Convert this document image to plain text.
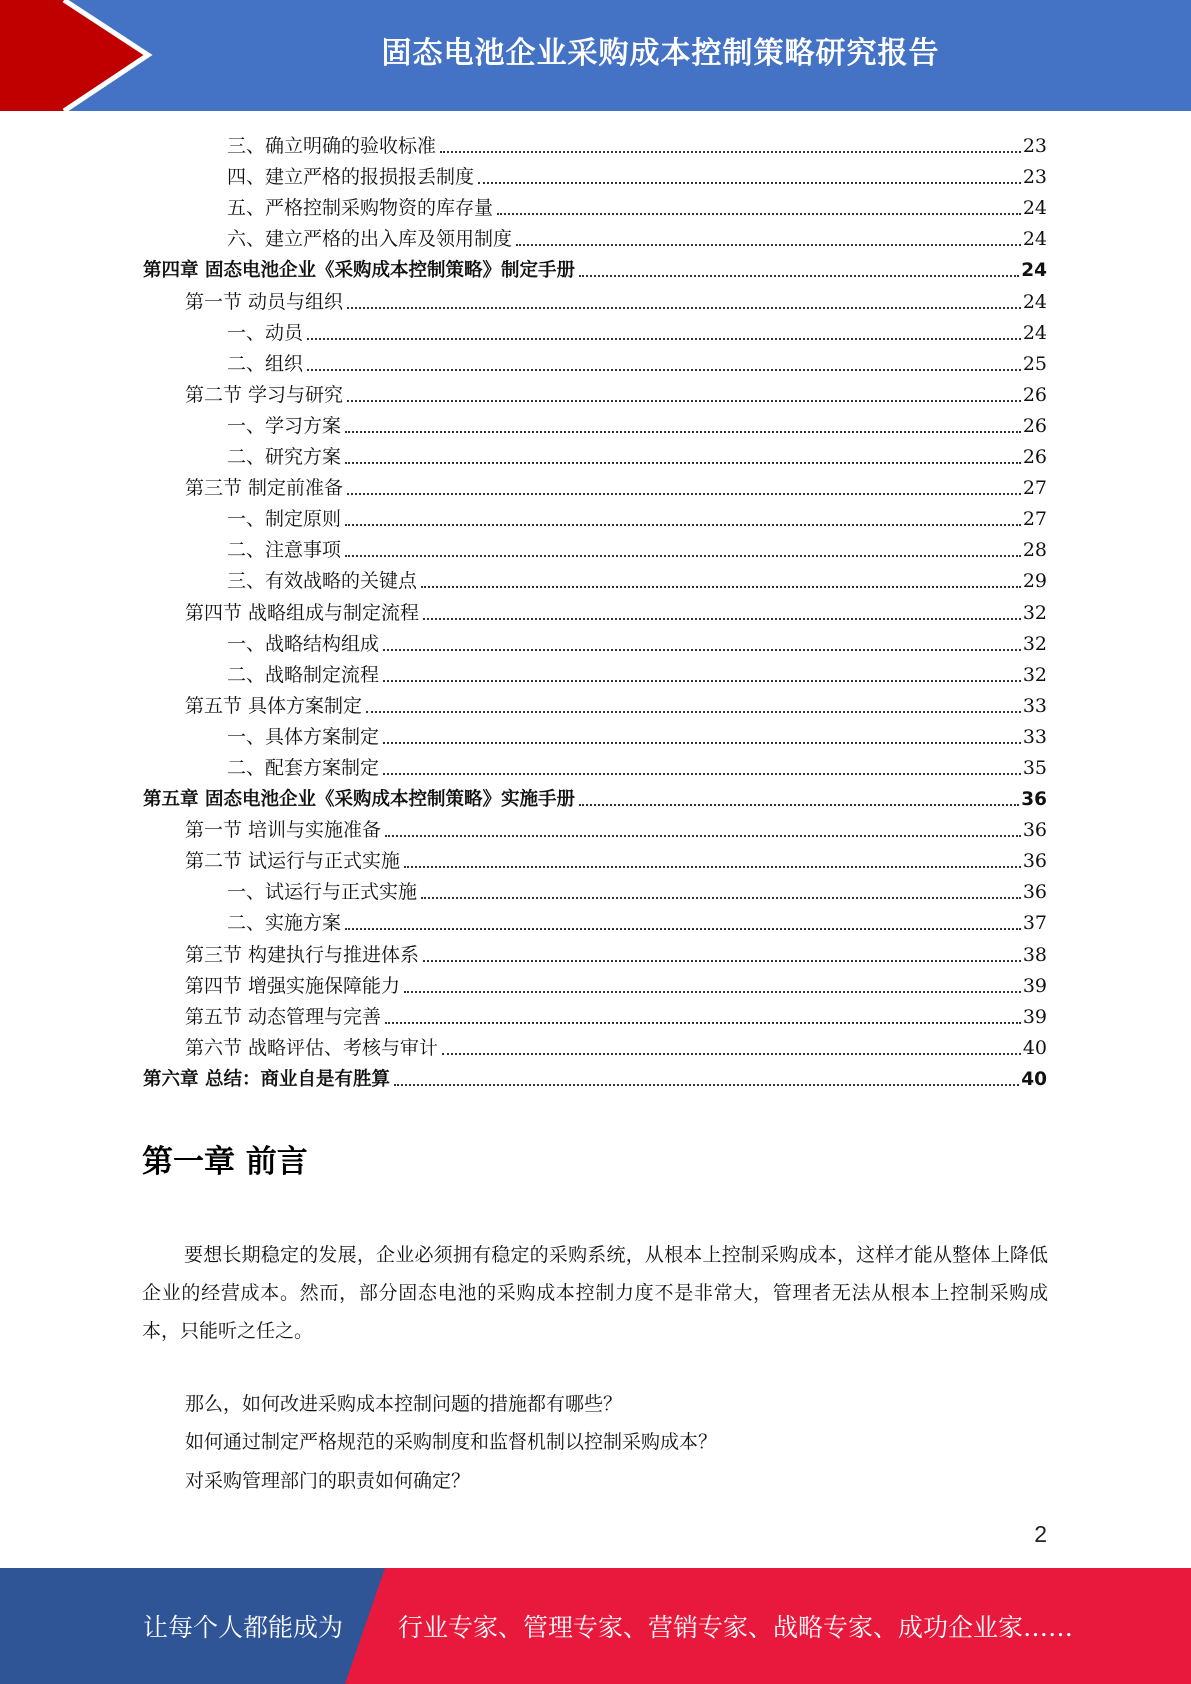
固态电池企业采购成本控制策略研究报告
三、确立明确的验收标准	23
四、建立严格的报损报丢制度	23
五、严格控制采购物资的库存量	24
六、建立严格的出入库及领用制度	24
第四章 固态电池企业《采购成本控制策略》制定手册	24
第一节 动员与组织	24
一、动员	24
二、组织	25
第二节 学习与研究	26
一、学习方案	26
二、研究方案	26
第三节 制定前准备	27
一、制定原则	27
二、注意事项	28
三、有效战略的关键点	29
第四节 战略组成与制定流程	32
一、战略结构组成	32
二、战略制定流程	32
第五节 具体方案制定	33
一、具体方案制定	33
二、配套方案制定	35
第五章 固态电池企业《采购成本控制策略》实施手册	36
第一节 培训与实施准备	36
第二节 试运行与正式实施	36
一、试运行与正式实施	36
二、实施方案	37
第三节 构建执行与推进体系	38
第四节 增强实施保障能力	39
第五节 动态管理与完善	39
第六节 战略评估、考核与审计	40
第六章 总结：商业自是有胜算	40
第一章 前言
要想长期稳定的发展，企业必须拥有稳定的采购系统，从根本上控制采购成本，这样才能从整体上降低企业的经营成本。然而，部分固态电池的采购成本控制力度不是非常大，管理者无法从根本上控制采购成本，只能听之任之。
那么，如何改进采购成本控制问题的措施都有哪些？
如何通过制定严格规范的采购制度和监督机制以控制采购成本？
对采购管理部门的职责如何确定？
2
让每个人都能成为 行业专家、管理专家、营销专家、战略专家、成功企业家……
